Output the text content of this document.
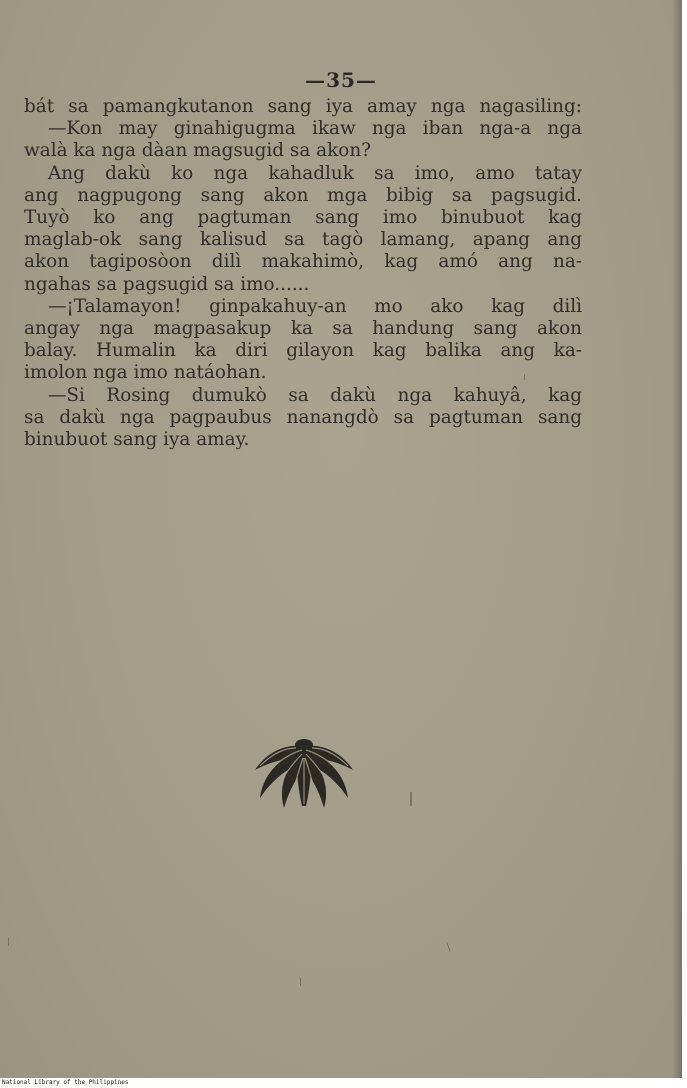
—35—
bát sa pamangkutanon sang iya amay nga nagasiling:
—Kon may ginahigugma ikaw nga iban nga-a nga
walà ka nga dàan magsugid sa akon?
Ang dakù ko nga kahadluk sa imo, amo tatay
ang nagpugong sang akon mga bibig sa pagsugid.
Tuyò ko ang pagtuman sang imo binubuot kag
maglab-ok sang kalisud sa tagò lamang, apang ang
akon tagiposòon dilì makahimò, kag amó ang na-
ngahas sa pagsugid sa imo......
—¡Talamayon! ginpakahuy-an mo ako kag dilì
angay nga magpasakup ka sa handung sang akon
balay. Humalin ka diri gilayon kag balika ang ka-
imolon nga imo natáohan.
—Si Rosing dumukò sa dakù nga kahuyâ, kag
sa dakù nga pagpaubus nanangdò sa pagtuman sang
binubuot sang iya amay.
National Library of the Philippines
